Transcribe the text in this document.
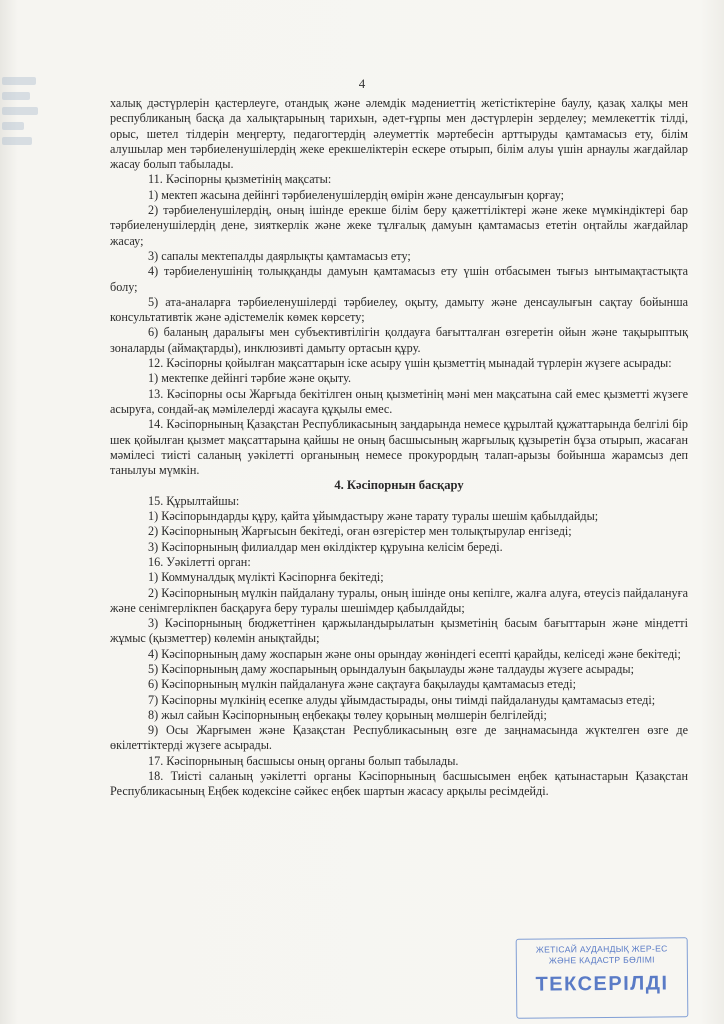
4

халық дәстүрлерін қастерлеуге, отандық және әлемдік мәдениеттің жетістіктеріне баулу, қазақ халқы мен республиканың басқа да халықтарының тарихын, әдет-ғұрпы мен дәстүрлерін зерделеу; мемлекеттік тілді, орыс, шетел тілдерін меңгерту, педагогтердің әлеуметтік мәртебесін арттыруды қамтамасыз ету, білім алушылар мен тәрбиеленушілердің жеке ерекшеліктерін ескере отырып, білім алуы үшін арнаулы жағдайлар жасау болып табылады.

11. Кәсіпорны қызметінің мақсаты:

1) мектеп жасына дейінгі тәрбиеленушілердің өмірін және денсаулығын қорғау;

2) тәрбиеленушілердің, оның ішінде ерекше білім беру қажеттіліктері және жеке мүмкіндіктері бар тәрбиеленушілердің дене, зияткерлік және жеке тұлғалық дамуын қамтамасыз ететін оңтайлы жағдайлар жасау;

3) сапалы мектепалды даярлықты қамтамасыз ету;

4) тәрбиеленушінің толыққанды дамуын қамтамасыз ету үшін отбасымен тығыз ынтымақтастықта болу;

5) ата-аналарға тәрбиеленушілерді тәрбиелеу, оқыту, дамыту және денсаулығын сақтау бойынша консультативтік және әдістемелік көмек көрсету;

6) баланың даралығы мен субъективтілігін қолдауға бағытталған өзгеретін ойын және тақырыптық зоналарды (аймақтарды), инклюзивті дамыту ортасын құру.

12. Кәсіпорны қойылған мақсаттарын іске асыру үшін қызметтің мынадай түрлерін жүзеге асырады:

1) мектепке дейінгі тәрбие және оқыту.

13. Кәсіпорны осы Жарғыда бекітілген оның қызметінің мәні мен мақсатына сай емес қызметті жүзеге асыруға, сондай-ақ мәмілелерді жасауға құқылы емес.

14. Кәсіпорнының Қазақстан Республикасының заңдарында немесе құрылтай құжаттарында белгілі бір шек қойылған қызмет мақсаттарына қайшы не оның басшысының жарғылық құзыретін бұза отырып, жасаған мәмілесі тиісті саланың уәкілетті органының немесе прокурордың талап-арызы бойынша жарамсыз деп танылуы мүмкін.

4. Кәсіпорнын басқару

15. Құрылтайшы:

1) Кәсіпорындарды құру, қайта ұйымдастыру және тарату туралы шешім қабылдайды;

2) Кәсіпорнының Жарғысын бекітеді, оған өзгерістер мен толықтырулар енгізеді;

3) Кәсіпорнының филиалдар мен өкілдіктер құруына келісім береді.

16. Уәкілетті орган:

1) Коммуналдық мүлікті Кәсіпорнға бекітеді;

2) Кәсіпорнының мүлкін пайдалану туралы, оның ішінде оны кепілге, жалға алуға, өтеусіз пайдалануға және сенімгерлікпен басқаруға беру туралы шешімдер қабылдайды;

3) Кәсіпорнының бюджеттінен қаржыландырылатын қызметінің басым бағыттарын және міндетті жұмыс (қызметтер) көлемін анықтайды;

4) Кәсіпорнының даму жоспарын және оны орындау жөніндегі есепті қарайды, келіседі және бекітеді;

5) Кәсіпорнының даму жоспарының орындалуын бақылауды және талдауды жүзеге асырады;

6) Кәсіпорнының мүлкін пайдалануға және сақтауға бақылауды қамтамасыз етеді;

7) Кәсіпорны мүлкінің есепке алуды ұйымдастырады, оны тиімді пайдалануды қамтамасыз етеді;

8) жыл сайын Кәсіпорнының еңбекақы төлеу қорының мөлшерін белгілейді;

9) Осы Жарғымен және Қазақстан Республикасының өзге де заңнамасында жүктелген өзге де өкілеттіктерді жүзеге асырады.

17. Кәсіпорнының басшысы оның органы болып табылады.

18. Тиісті саланың уәкілетті органы Кәсіпорнының басшысымен еңбек қатынастарын Қазақстан Республикасының Еңбек кодексіне сәйкес еңбек шартын жасасу арқылы ресімдейді.

ЖЕТІСАЙ АУДАНДЫҚ ЖЕР-ЕС
ЖӘНЕ КАДАСТР БӨЛІМІ
ТЕКСЕРІЛДІ
